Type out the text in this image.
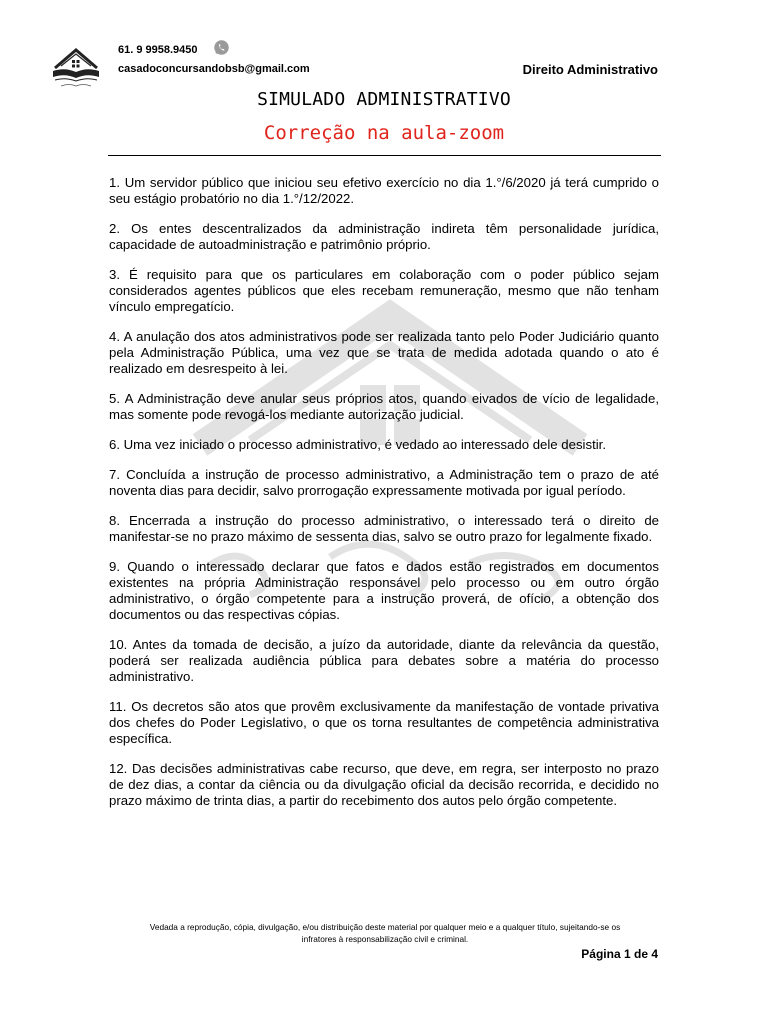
61. 9 9958.9450
casadoconcursandobsb@gmail.com	Direito Administrativo
SIMULADO ADMINISTRATIVO
Correção na aula-zoom

1. Um servidor público que iniciou seu efetivo exercício no dia 1.°/6/2020 já terá cumprido o seu estágio probatório no dia 1.°/12/2022.

2. Os entes descentralizados da administração indireta têm personalidade jurídica, capacidade de autoadministração e patrimônio próprio.

3. É requisito para que os particulares em colaboração com o poder público sejam considerados agentes públicos que eles recebam remuneração, mesmo que não tenham vínculo empregatício.

4. A anulação dos atos administrativos pode ser realizada tanto pelo Poder Judiciário quanto pela Administração Pública, uma vez que se trata de medida adotada quando o ato é realizado em desrespeito à lei.

5. A Administração deve anular seus próprios atos, quando eivados de vício de legalidade, mas somente pode revogá-los mediante autorização judicial.

6. Uma vez iniciado o processo administrativo, é vedado ao interessado dele desistir.

7. Concluída a instrução de processo administrativo, a Administração tem o prazo de até noventa dias para decidir, salvo prorrogação expressamente motivada por igual período.

8. Encerrada a instrução do processo administrativo, o interessado terá o direito de manifestar-se no prazo máximo de sessenta dias, salvo se outro prazo for legalmente fixado.

9. Quando o interessado declarar que fatos e dados estão registrados em documentos existentes na própria Administração responsável pelo processo ou em outro órgão administrativo, o órgão competente para a instrução proverá, de ofício, a obtenção dos documentos ou das respectivas cópias.

10. Antes da tomada de decisão, a juízo da autoridade, diante da relevância da questão, poderá ser realizada audiência pública para debates sobre a matéria do processo administrativo.

11. Os decretos são atos que provêm exclusivamente da manifestação de vontade privativa dos chefes do Poder Legislativo, o que os torna resultantes de competência administrativa específica.

12. Das decisões administrativas cabe recurso, que deve, em regra, ser interposto no prazo de dez dias, a contar da ciência ou da divulgação oficial da decisão recorrida, e decidido no prazo máximo de trinta dias, a partir do recebimento dos autos pelo órgão competente.

Vedada a reprodução, cópia, divulgação, e/ou distribuição deste material por qualquer meio e a qualquer título, sujeitando-se os
infratores à responsabilização civil e criminal.
Página 1 de 4
